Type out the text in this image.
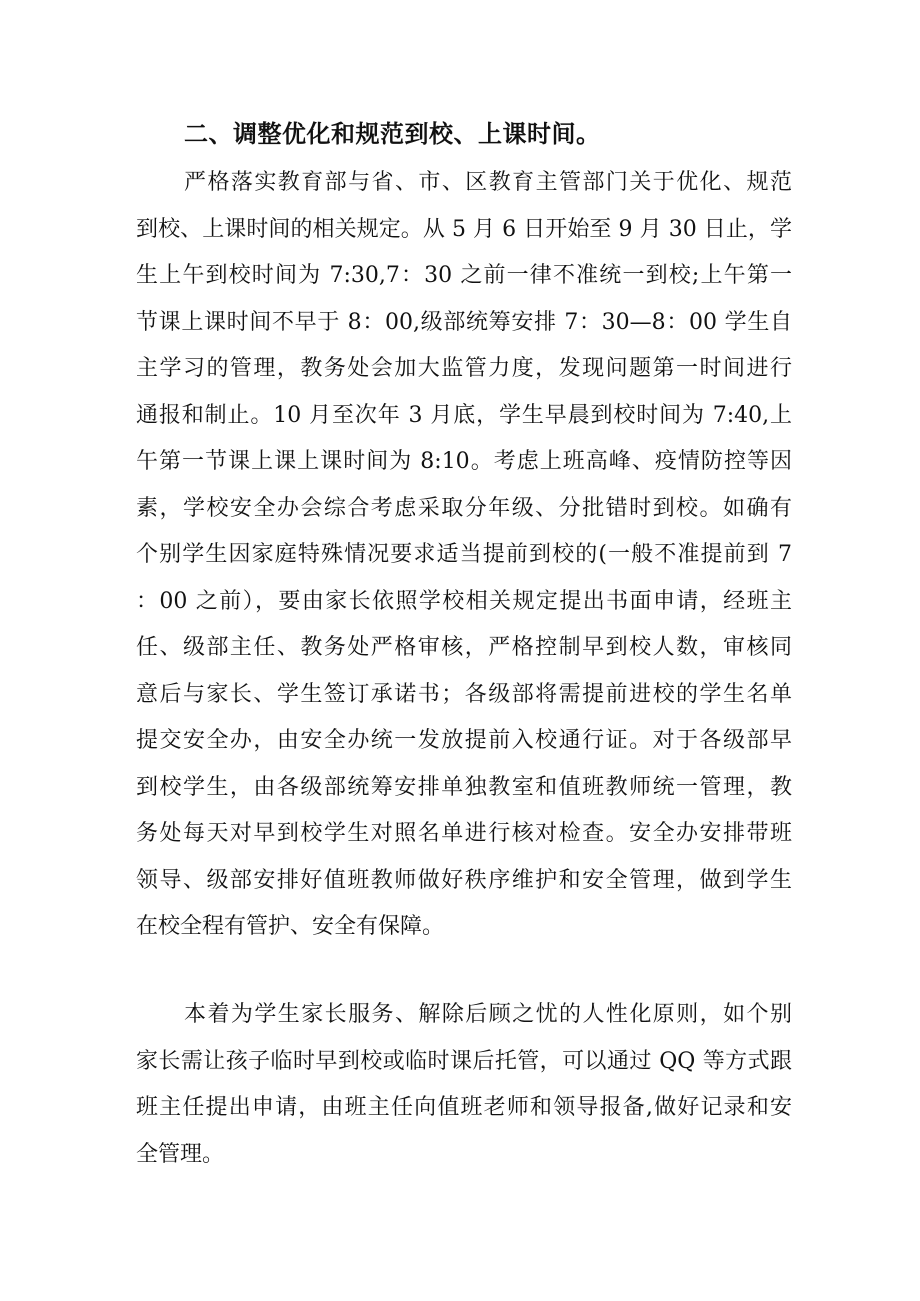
二、调整优化和规范到校、上课时间。
严格落实教育部与省、市、区教育主管部门关于优化、规范
到校、上课时间的相关规定。从 5 月 6 日开始至 9 月 30 日止，学
生上午到校时间为 7:30,7：30 之前一律不准统一到校;上午第一
节课上课时间不早于 8：00,级部统筹安排 7：30—8：00 学生自
主学习的管理，教务处会加大监管力度，发现问题第一时间进行
通报和制止。10 月至次年 3 月底，学生早晨到校时间为 7:40,上
午第一节课上课上课时间为 8:10。考虑上班高峰、疫情防控等因
素，学校安全办会综合考虑采取分年级、分批错时到校。如确有
个别学生因家庭特殊情况要求适当提前到校的(一般不准提前到 7
：00 之前），要由家长依照学校相关规定提出书面申请，经班主
任、级部主任、教务处严格审核，严格控制早到校人数，审核同
意后与家长、学生签订承诺书；各级部将需提前进校的学生名单
提交安全办，由安全办统一发放提前入校通行证。对于各级部早
到校学生，由各级部统筹安排单独教室和值班教师统一管理，教
务处每天对早到校学生对照名单进行核对检查。安全办安排带班
领导、级部安排好值班教师做好秩序维护和安全管理，做到学生
在校全程有管护、安全有保障。
本着为学生家长服务、解除后顾之忧的人性化原则，如个别
家长需让孩子临时早到校或临时课后托管，可以通过 QQ 等方式跟
班主任提出申请，由班主任向值班老师和领导报备,做好记录和安
全管理。
